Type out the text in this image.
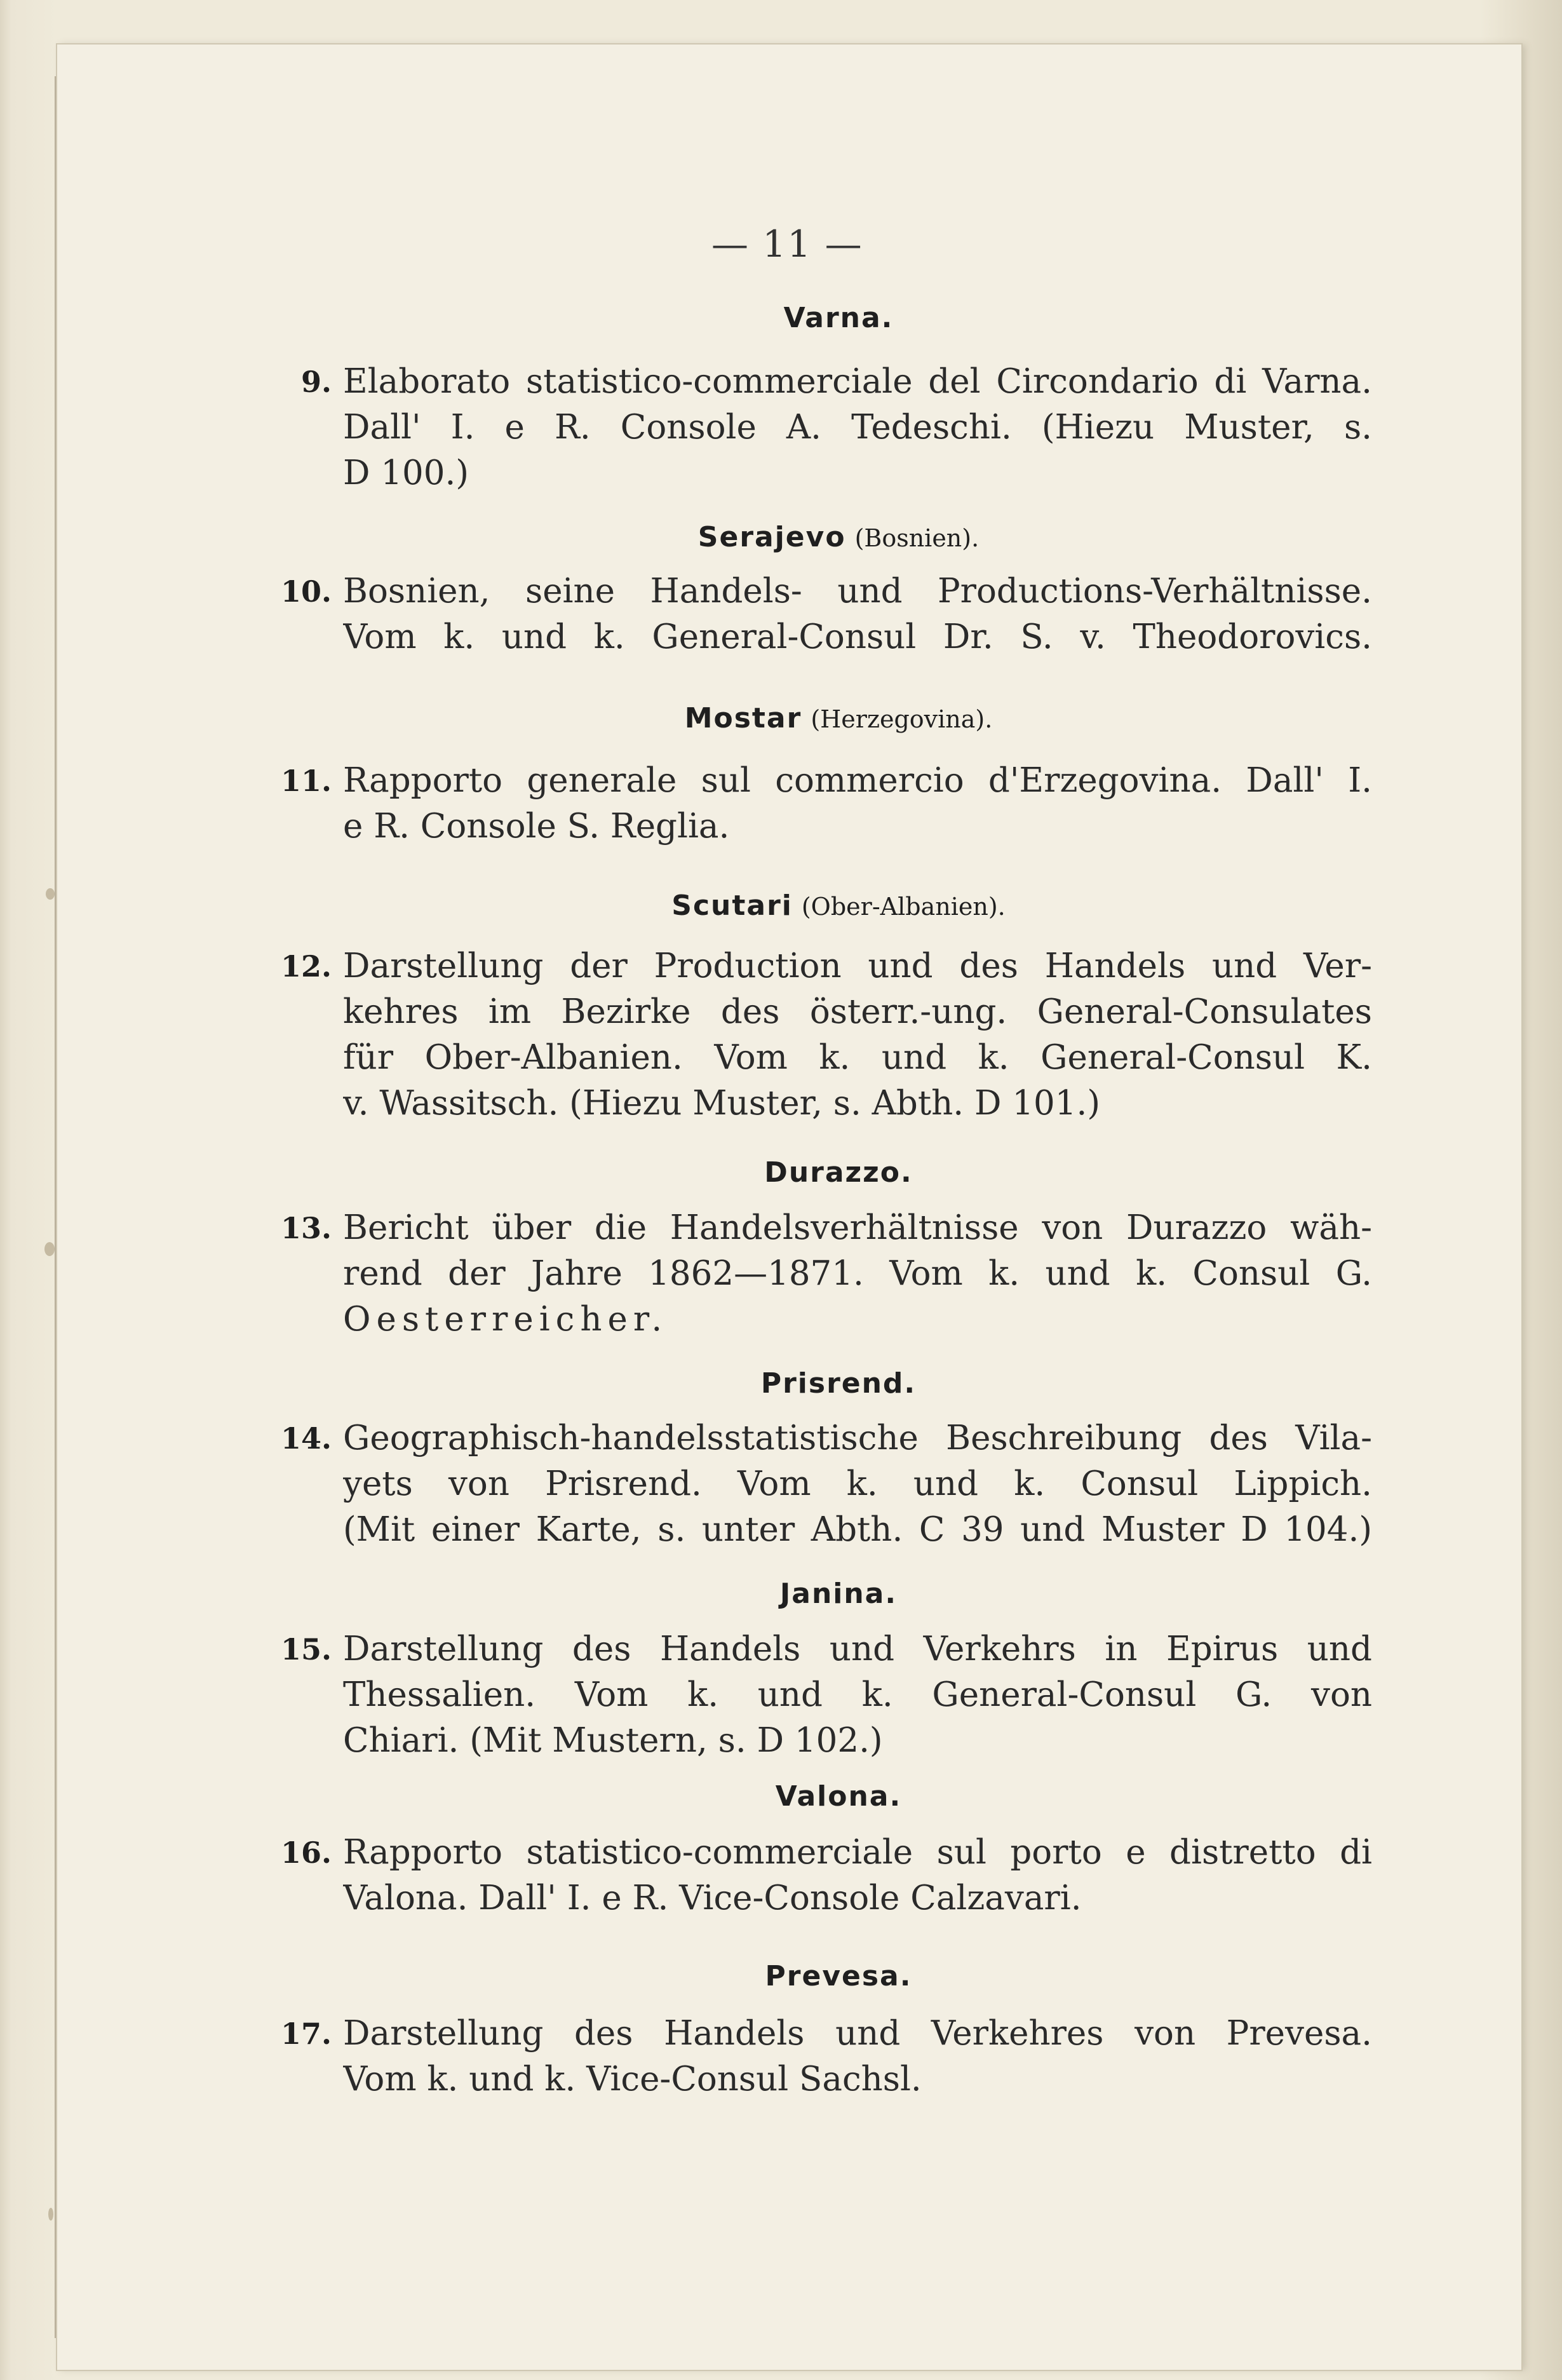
— 11 —
Varna.
9. Elaborato statistico-commerciale del Circondario di Varna.
Dall' I. e R. Console A. Tedeschi. (Hiezu Muster, s.
D 100.)
Serajevo (Bosnien).
10. Bosnien, seine Handels- und Productions-Verhältnisse.
Vom k. und k. General-Consul Dr. S. v. Theodorovics.
Mostar (Herzegovina).
11. Rapporto generale sul commercio d'Erzegovina. Dall' I.
e R. Console S. Reglia.
Scutari (Ober-Albanien).
12. Darstellung der Production und des Handels und Ver-
kehres im Bezirke des österr.-ung. General-Consulates
für Ober-Albanien. Vom k. und k. General-Consul K.
v. Wassitsch. (Hiezu Muster, s. Abth. D 101.)
Durazzo.
13. Bericht über die Handelsverhältnisse von Durazzo wäh-
rend der Jahre 1862—1871. Vom k. und k. Consul G.
Oesterreicher.
Prisrend.
14. Geographisch-handelsstatistische Beschreibung des Vila-
yets von Prisrend. Vom k. und k. Consul Lippich.
(Mit einer Karte, s. unter Abth. C 39 und Muster D 104.)
Janina.
15. Darstellung des Handels und Verkehrs in Epirus und
Thessalien. Vom k. und k. General-Consul G. von
Chiari. (Mit Mustern, s. D 102.)
Valona.
16. Rapporto statistico-commerciale sul porto e distretto di
Valona. Dall' I. e R. Vice-Console Calzavari.
Prevesa.
17. Darstellung des Handels und Verkehres von Prevesa.
Vom k. und k. Vice-Consul Sachsl.
